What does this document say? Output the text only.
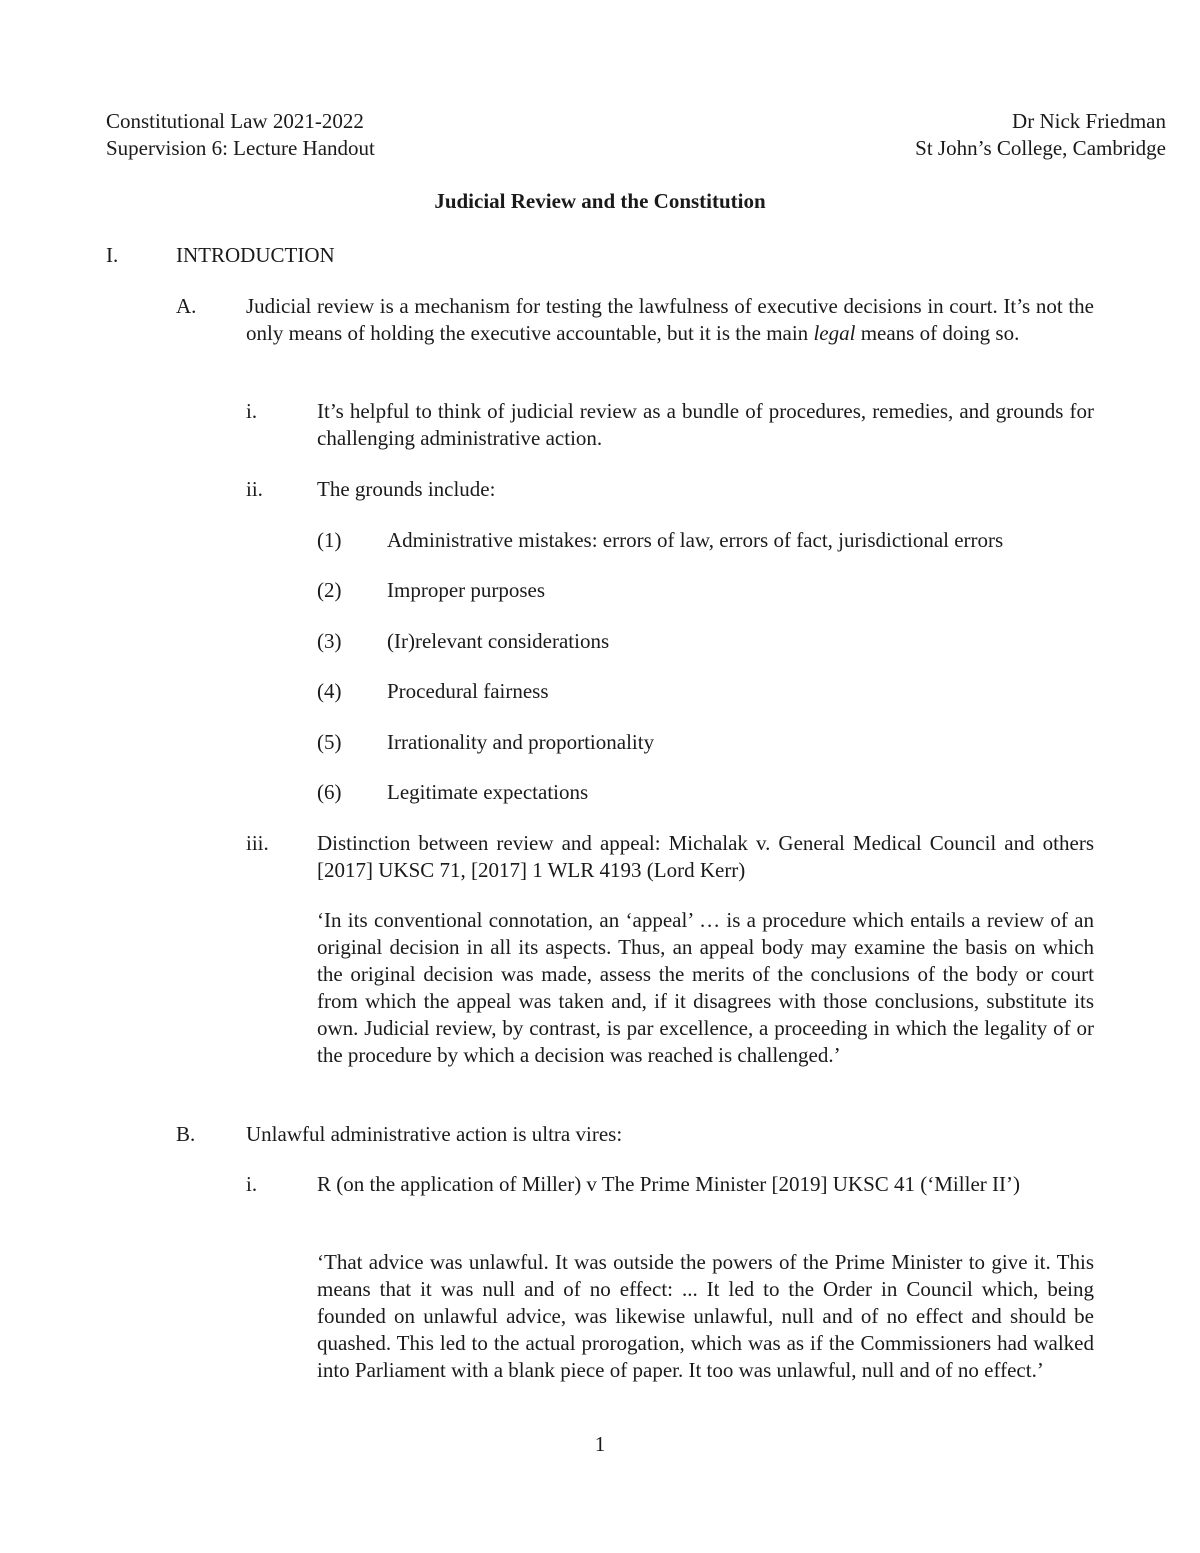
Constitutional Law 2021-2022
Supervision 6: Lecture Handout
Dr Nick Friedman
St John’s College, Cambridge
Judicial Review and the Constitution
I.	INTRODUCTION
A. Judicial review is a mechanism for testing the lawfulness of executive decisions in court. It’s not the only means of holding the executive accountable, but it is the main legal means of doing so.
i.	It’s helpful to think of judicial review as a bundle of procedures, remedies, and grounds for challenging administrative action.
ii.	The grounds include:
(1) Administrative mistakes: errors of law, errors of fact, jurisdictional errors
(2) Improper purposes
(3) (Ir)relevant considerations
(4) Procedural fairness
(5) Irrationality and proportionality
(6) Legitimate expectations
iii. Distinction between review and appeal: Michalak v. General Medical Council and others [2017] UKSC 71, [2017] 1 WLR 4193 (Lord Kerr)
‘In its conventional connotation, an ‘appeal’ … is a procedure which entails a review of an original decision in all its aspects. Thus, an appeal body may examine the basis on which the original decision was made, assess the merits of the conclusions of the body or court from which the appeal was taken and, if it disagrees with those conclusions, substitute its own. Judicial review, by contrast, is par excellence, a proceeding in which the legality of or the procedure by which a decision was reached is challenged.’
B. Unlawful administrative action is ultra vires:
i.	R (on the application of Miller) v The Prime Minister [2019] UKSC 41 (‘Miller II’)
‘That advice was unlawful. It was outside the powers of the Prime Minister to give it. This means that it was null and of no effect: ... It led to the Order in Council which, being founded on unlawful advice, was likewise unlawful, null and of no effect and should be quashed. This led to the actual prorogation, which was as if the Commissioners had walked into Parliament with a blank piece of paper. It too was unlawful, null and of no effect.’
1
